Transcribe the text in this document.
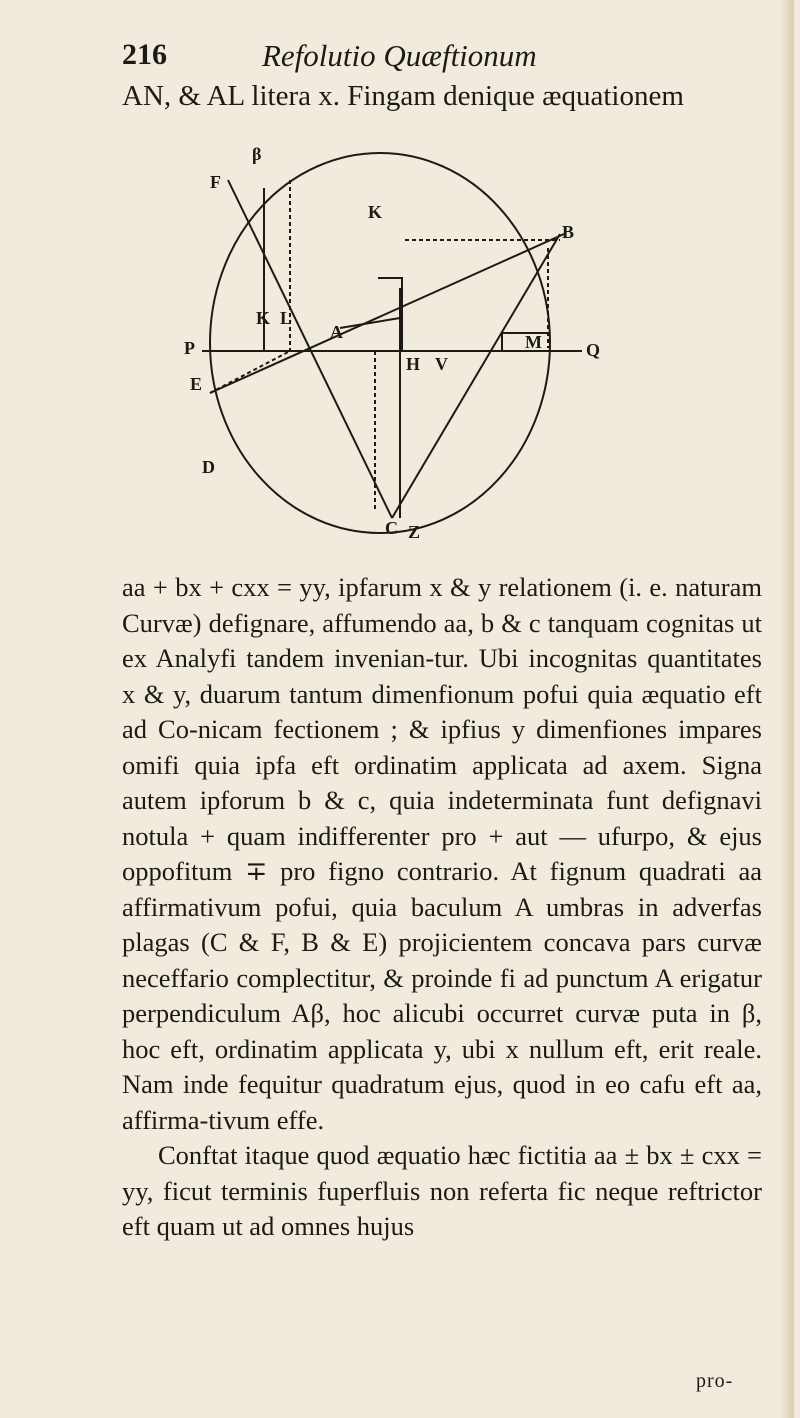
216	Refolutio Quæftionum
AN, & AL litera x. Fingam denique æquationem
β
F
K
B
P
K L
A	M Q
E
H V
D
C Z

aa + bx + cxx = yy, ipfarum x & y relationem (i. e. naturam Curvæ) defignare, affumendo aa, b & c tanquam cognitas ut ex Analyfi tandem invenian-tur. Ubi incognitas quantitates x & y, duarum tantum dimenfionum pofui quia æquatio eft ad Co-nicam fectionem ; & ipfius y dimenfiones impares omifi quia ipfa eft ordinatim applicata ad axem. Signa autem ipforum b & c, quia indeterminata funt defignavi notula + quam indifferenter pro + aut — ufurpo, & ejus oppofitum ∓ pro figno contrario. At fignum quadrati aa affirmativum pofui, quia baculum A umbras in adverfas plagas (C & F, B & E) projicientem concava pars curvæ neceffario complectitur, & proinde fi ad punctum A erigatur perpendiculum Aβ, hoc alicubi occurret curvæ puta in β, hoc eft, ordinatim applicata y, ubi x nullum eft, erit reale. Nam inde fequitur quadratum ejus, quod in eo cafu eft aa, affirma-tivum effe.

Conftat itaque quod æquatio hæc fictitia aa ± bx ± cxx = yy, ficut terminis fuperfluis non referta fic neque reftrictor eft quam ut ad omnes hujus

pro-
